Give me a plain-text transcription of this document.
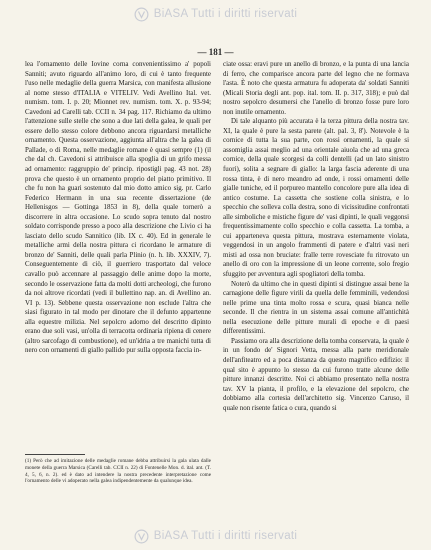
BiASA Tutti i diritti riservati
— 181 —

lea l'ornamento delle Iovine corna convenientissimo a' popoli Sanniti; avuto riguardo all'animo loro, di cui è tanto frequente l'uso nelle medaglie della guerra Marsica, con manifesta allusione al nome stesso d'ITALIA e VITELIV. Vedi Avellino Ital. vet. numism. tom. I. p. 20; Mionnet rev. numism. tom. X. p. 93-94; Cavedoni ad Carelli tab. CCII n. 34 pag. 117. Richiamo da ultimo l'attenzione sulle stelle che sono a due lati della galea, le quali per essere dello stesso colore debbono ancora riguardarsi metalliche ornamento. Questa osservazione, aggiunta all'altra che la galea di Pallade, o di Roma, nelle medaglie romane è quasi sempre (1) (il che dal ch. Cavedoni si attribuisce alla spoglia di un grifo messa ad ornamento: raggruppio de' princip. ripostigli pag. 43 not. 28) prova che questo è un ornamento proprio del piatto primitivo. Il che fu non ha guari sostenuto dal mio dotto amico sig. pr. Carlo Federico Hermann in una sua recente dissertazione (de Hellenisgos — Gottinga 1853 in 8), della quale tornerò a discorrere in altra occasione. Lo scudo sopra tenuto dal nostro soldato corrisponde presso a poco alla descrizione che Livio ci ha lasciato dello scudo Sannitico (lib. IX c. 40). Ed in generale le metalliche armi della nostra pittura ci ricordano le armature di bronzo de' Sanniti, delle quali parla Plinio (n. h. lib. XXXIV, 7). Conseguentemente di ciò, il guerriero trasportato dal veloce cavallo può accennare al passaggio delle anime dopo la morte, secondo le osservazione fatta da molti dotti archeologi, che furono da noi altrove ricordati (vedi il bullettino nap. an. di Avellino an. VI p. 13). Sebbene questa osservazione non esclude l'altra che siasi figurato in tal modo per dinotare che il defunto appartenne alla equestre milizia. Nel sepolcro adorno del descritto dipinto erano due soli vasi, un'olla di terracotta ordinaria ripiena di cenere (altro sarcofago di combustione), ed un'idria a tre manichi tutta di nero con ornamenti di giallo pallido pur sulla opposta faccia in-

ciate ossa: eravi pure un anello di bronzo, e la punta di una lancia di ferro, che comparisce ancora parte del legno che ne formava l'asta. È noto che questa armatura fu adoperata da' soldati Sanniti (Micali Storia degli ant. pop. ital. tom. II. p. 317, 318); e può dal nostro sepolcro desumersi che l'anello di bronzo fosse pure loro non inutile ornamento.

Di tale alquanto più accurata è la terza pittura della nostra tav. XI, la quale è pure la sesta parete (alt. pal. 3, 8'). Notevole è la cornice di tutta la sua parte, con rossi ornamenti, la quale si assomiglia assai meglio ad una orientale aiuola che ad una greca cornice, della quale scorgesi da colli dentelli (ad un lato sinistro fuori), solita a segnare di giallo: la larga fascia aderente di una rossa tinta, è di nero meandro ad onde, i rossi ornamenti delle gialle tuniche, ed il porpureo mantello concolore pure alla idea di antico costume. La cassetta che sostiene colla sinistra, e lo specchio che solleva colla destra, sono di vicissitudine confrontati alle simboliche e mistiche figure de' vasi dipinti, le quali veggonsi frequentissimamente collo specchio e colla cassetta. La tomba, a cui apparteneva questa pittura, mostrava esternamente violata, veggendosi in un angolo frammenti di patere e d'altri vasi neri misti ad ossa non bruciate: fralle terre rovesciate fu ritrovato un anello di oro con la impressione di un leone corrente, solo fregio sfuggito per avventura agli spogliatori della tomba.

Noterò da ultimo che in questi dipinti si distingue assai bene la carnagione delle figure virili da quella delle femminili, vedendosi nelle prime una tinta molto rossa e scura, quasi bianca nelle seconde. Il che rientra in un sistema assai comune all'antichità nella esecuzione delle pitture murali di epoche e di paesi differentissimi.

Passiamo ora alla descrizione della tomba conservata, la quale è in un fondo de' Signori Vetta, messa alla parte meridionale dell'anfiteatro ed a poca distanza da questo magnifico edifizio: il qual sito è appunto lo stesso da cui furono tratte alcune delle pitture innanzi descritte. Noi ci abbiamo presentato nella nostra tav. XV la pianta, il profilo, e la elevazione del sepolcro, che dobbiamo alla cortesia dell'architetto sig. Vincenzo Caruso, il quale non risente fatica o cura, quando si

(1) Però che ad imitazione delle medaglie romane debba attribuirsi la gala ulata dalle monete della guerra Marsica (Carelli tab. CCII n. 22) di Fontenelle Mon. d. ital. ant. (T. 4, 5, 6, n. 2). ed è dato ad intendere la nostra precedente interpretazione come l'ornamento delle vi adoperato nella galea indipendentemente da qualunque idea.
BiASA Tutti i diritti riservati
